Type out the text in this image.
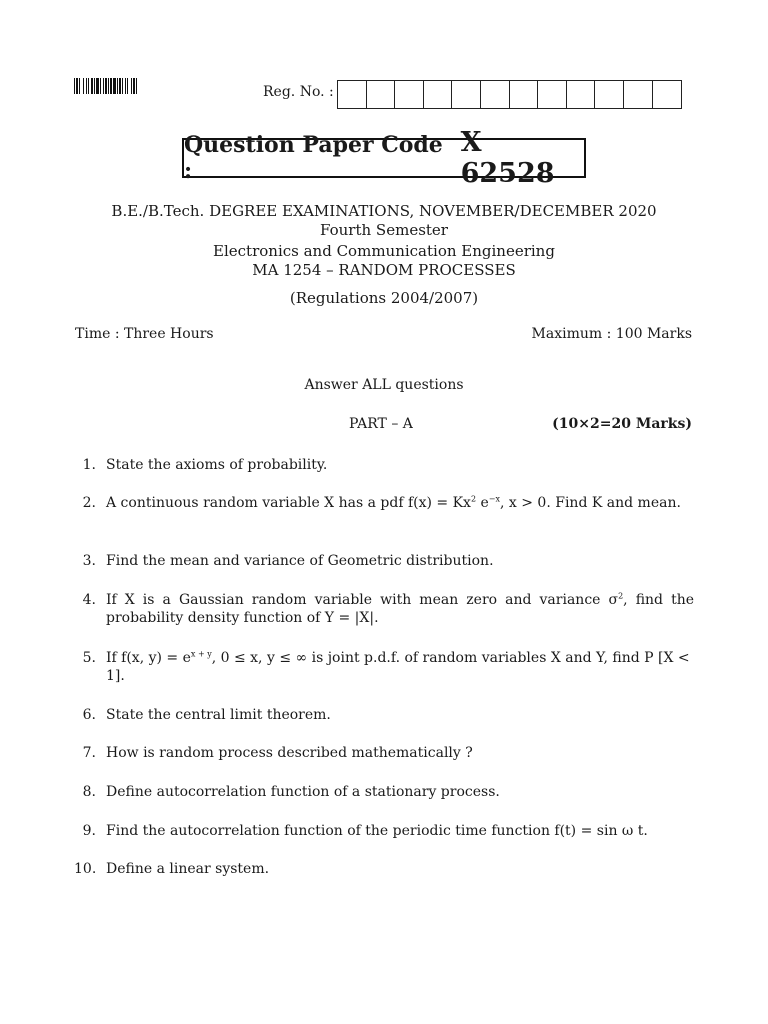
Reg. No. :
Question Paper Code :
X 62528
B.E./B.Tech. DEGREE EXAMINATIONS, NOVEMBER/DECEMBER 2020
Fourth Semester
Electronics and Communication Engineering
MA 1254 – RANDOM PROCESSES
(Regulations 2004/2007)
Time : Three Hours	Maximum : 100 Marks
Answer ALL questions
PART – A	(10×2=20 Marks)
1. State the axioms of probability.
2. A continuous random variable X has a pdf $f(x) = Kx^2$ $e^{-x}$, x > 0. Find K and mean.
3. Find the mean and variance of Geometric distribution.
4. If X is a Gaussian random variable with mean zero and variance $\sigma^2$, find the probability density function of Y = |X|.
5. If f(x, $y) = e^{x + y}$, 0 ≤ x, y ≤ ∞ is joint p.d.f. of random variables X and Y, find P [X < 1].
6. State the central limit theorem.
7. How is random process described mathematically ?
8. Define autocorrelation function of a stationary process.
9. Find the autocorrelation function of the periodic time function f(t) = sin ω t.
10. Define a linear system.
